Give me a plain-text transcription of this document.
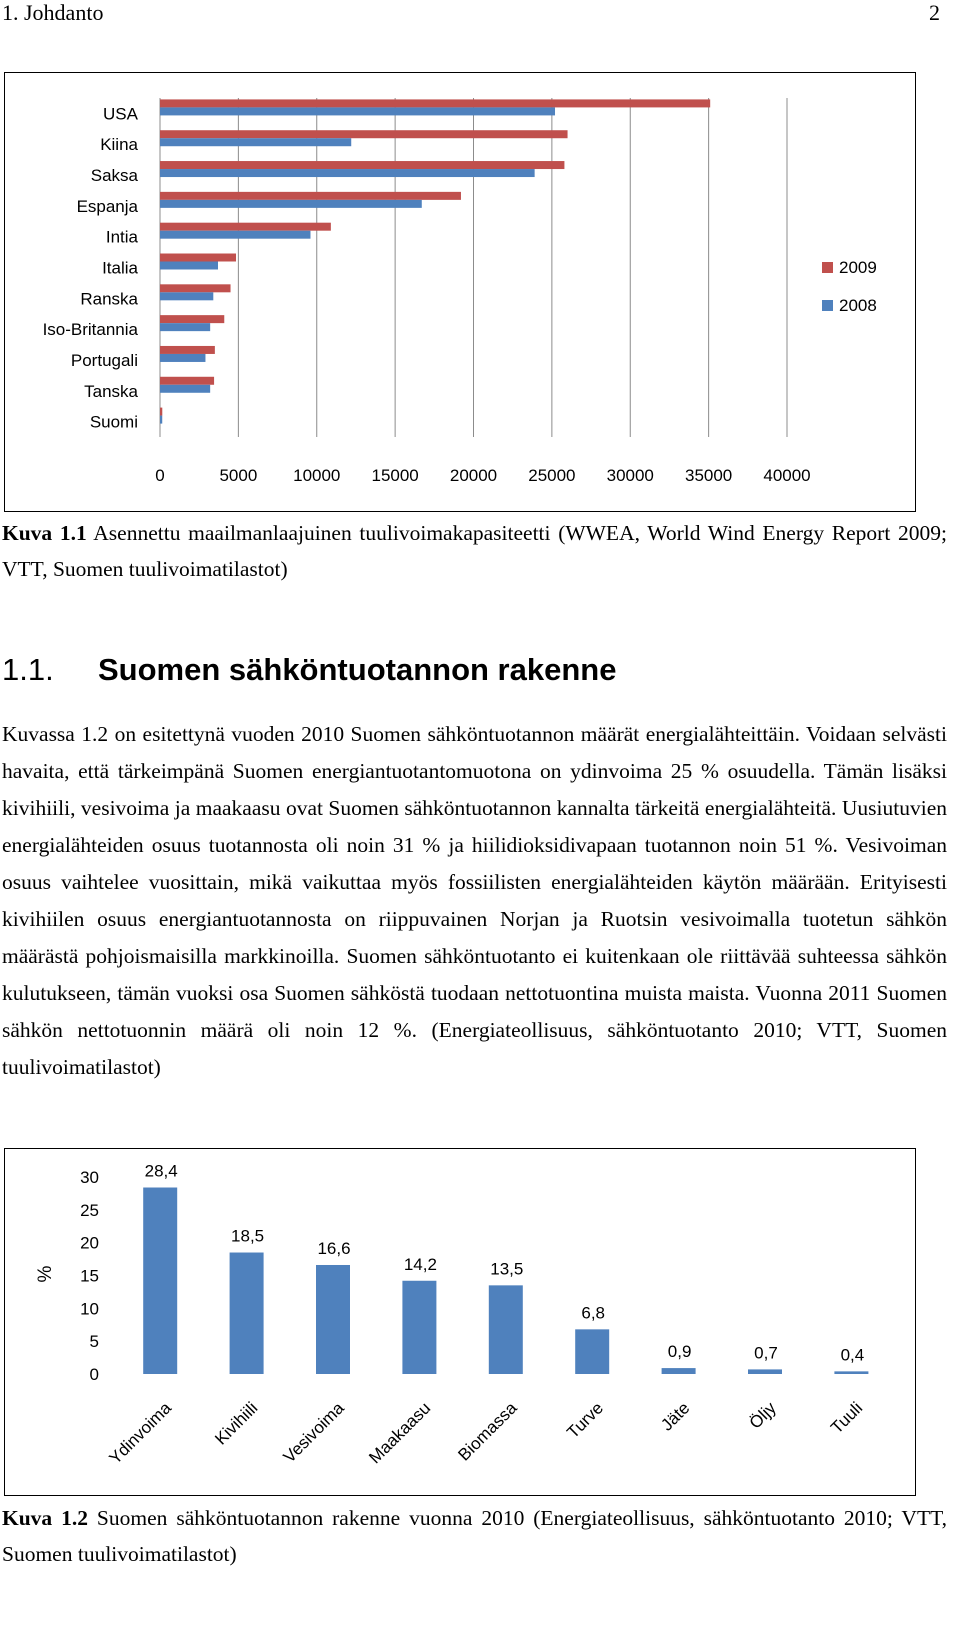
1. Johdanto	2
0	5000 10000 15000 20000 25000 30000 35000 40000
USA
Kiina
Saksa
Espanja
Intia
Italia
Ranska
Iso-Britannia
Portugali
Tanska
Suomi
2009
2008
Kuva 1.1 Asennettu maailmanlaajuinen tuulivoimakapasiteetti (WWEA, World Wind Energy Report 2009; VTT, Suomen tuulivoimatilastot)
1.1. Suomen sähköntuotannon rakenne
Kuvassa 1.2 on esitettynä vuoden 2010 Suomen sähköntuotannon määrät energialähteittäin. Voidaan selvästi havaita, että tärkeimpänä Suomen energiantuotantomuotona on ydinvoima 25 % osuudella. Tämän lisäksi kivihiili, vesivoima ja maakaasu ovat Suomen sähköntuotannon kannalta tärkeitä energialähteitä. Uusiutuvien energialähteiden osuus tuotannosta oli noin 31 % ja hiilidioksidivapaan tuotannon noin 51 %. Vesivoiman osuus vaihtelee vuosittain, mikä vaikuttaa myös fossiilisten energialähteiden käytön määrään. Erityisesti kivihiilen osuus energiantuotannosta on riippuvainen Norjan ja Ruotsin vesivoimalla tuotetun sähkön määrästä pohjoismaisilla markkinoilla. Suomen sähköntuotanto ei kuitenkaan ole riittävää suhteessa sähkön kulutukseen, tämän vuoksi osa Suomen sähköstä tuodaan nettotuontina muista maista. Vuonna 2011 Suomen sähkön nettotuonnin määrä oli noin 12 %. (Energiateollisuus, sähköntuotanto 2010; VTT, Suomen tuulivoimatilastot)
0
5
10
15
20
25
30
%
28,4
Ydinvoima
18,5
Kivihiili
16,6
Vesivoima
14,2
Maakaasu
13,5
Biomassa
6,8
Turve
0,9
Jäte
0,7
Öljy
0,4
Tuuli
Kuva 1.2 Suomen sähköntuotannon rakenne vuonna 2010 (Energiateollisuus, sähköntuotanto 2010; VTT, Suomen tuulivoimatilastot)
